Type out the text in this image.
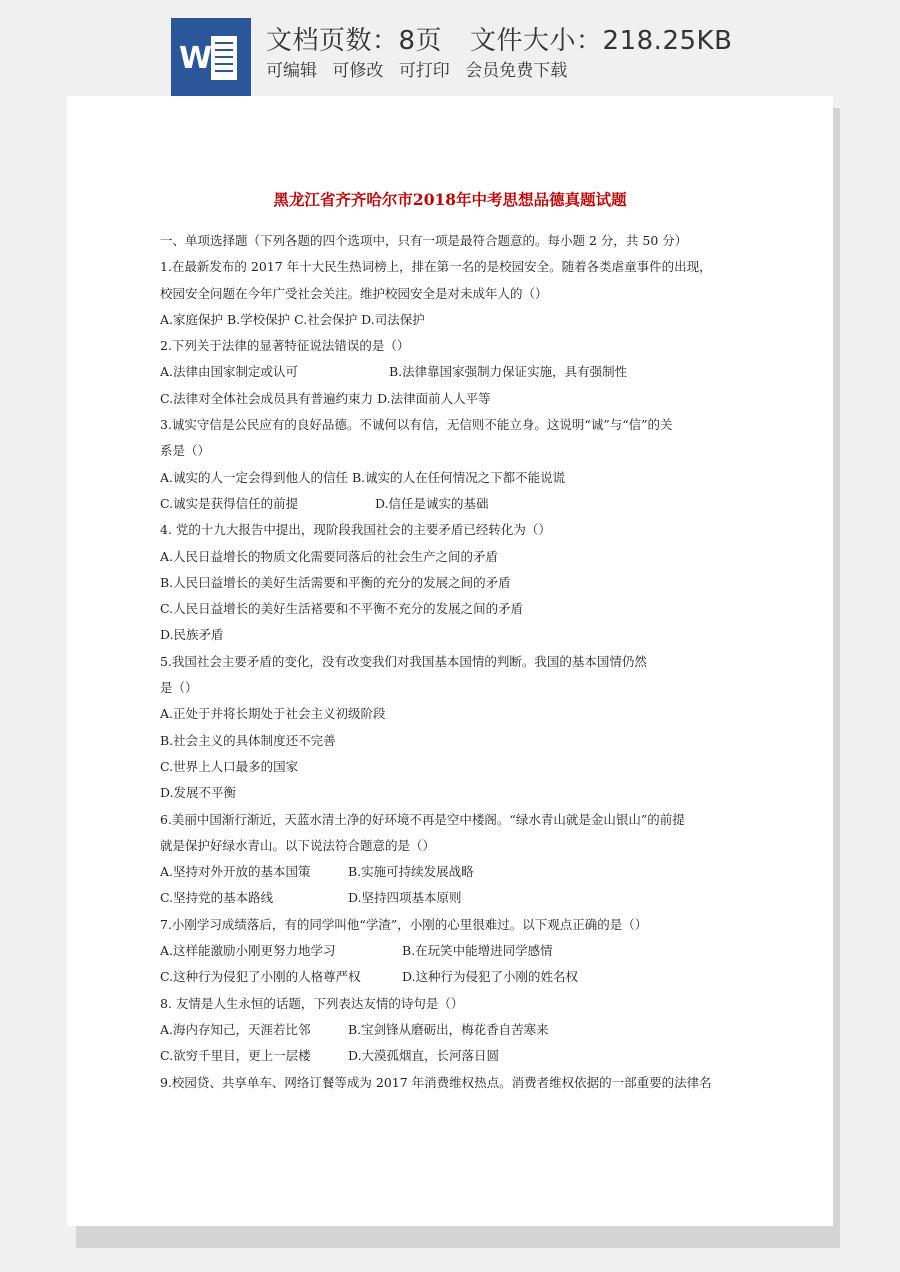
W 文档页数：8页 文件大小：218.25KB
可编辑 可修改 可打印 会员免费下载
黑龙江省齐齐哈尔市2018年中考思想品德真题试题
一、单项选择题（下列各题的四个选项中，只有一项是最符合题意的。每小题 2 分，共 50 分）
1.在最新发布的 2017 年十大民生热词榜上，排在第一名的是校园安全。随着各类虐童事件的出现，
校园安全问题在今年广受社会关注。维护校园安全是对未成年人的（）
A.家庭保护 B.学校保护 C.社会保护 D.司法保护
2.下列关于法律的显著特征说法错误的是（）
A.法律由国家制定或认可	B.法律靠国家强制力保证实施，具有强制性
C.法律对全体社会成员具有普遍约束力 D.法律面前人人平等
3.诚实守信是公民应有的良好品德。不诚何以有信，无信则不能立身。这说明“诚”与“信”的关
系是（）
A.诚实的人一定会得到他人的信任 B.诚实的人在任何情况之下都不能说谎
C.诚实是获得信任的前提	D.信任是诚实的基础
4. 党的十九大报告中提出，现阶段我国社会的主要矛盾已经转化为（）
A.人民日益增长的物质文化需要同落后的社会生产之间的矛盾
B.人民曰益增长的美好生活需要和平衡的充分的发展之间的矛盾
C.人民日益增长的美好生活褡要和不平衡不充分的发展之间的矛盾
D.民族矛盾
5.我国社会主要矛盾的变化，没有改变我们对我国基本国情的判断。我国的基本国情仍然
是（）
A.正处于并将长期处于社会主义初级阶段
B.社会主义的具体制度还不完善
C.世界上人口最多的国家
D.发展不平衡
6.美丽中国渐行渐近，天蓝水清土净的好环境不再是空中楼阁。“绿水青山就是金山银山”的前提
就是保护好绿水青山。以下说法符合题意的是（）
A.坚持对外开放的基本国策	B.实施可持续发展战略
C.坚持党的基本路线	D.坚持四项基本原则
7.小刚学习成绩落后，有的同学叫他“学渣”，小刚的心里很难过。以下观点正确的是（）
A.这样能激励小刚更努力地学习	B.在玩笑中能增进同学感情
C.这种行为侵犯了小刚的人格尊严权	D.这种行为侵犯了小刚的姓名权
8. 友情是人生永恒的话题，下列表达友情的诗句是（）
A.海内存知己，天涯若比邻	B.宝剑锋从磨砺出，梅花香自苦寒来
C.欲穷千里目，更上一层楼	D.大漠孤烟直，长河落日圆
9.校园贷、共享单车、网络订餐等成为 2017 年消费维权热点。消费者维权依据的一部重要的法律名
